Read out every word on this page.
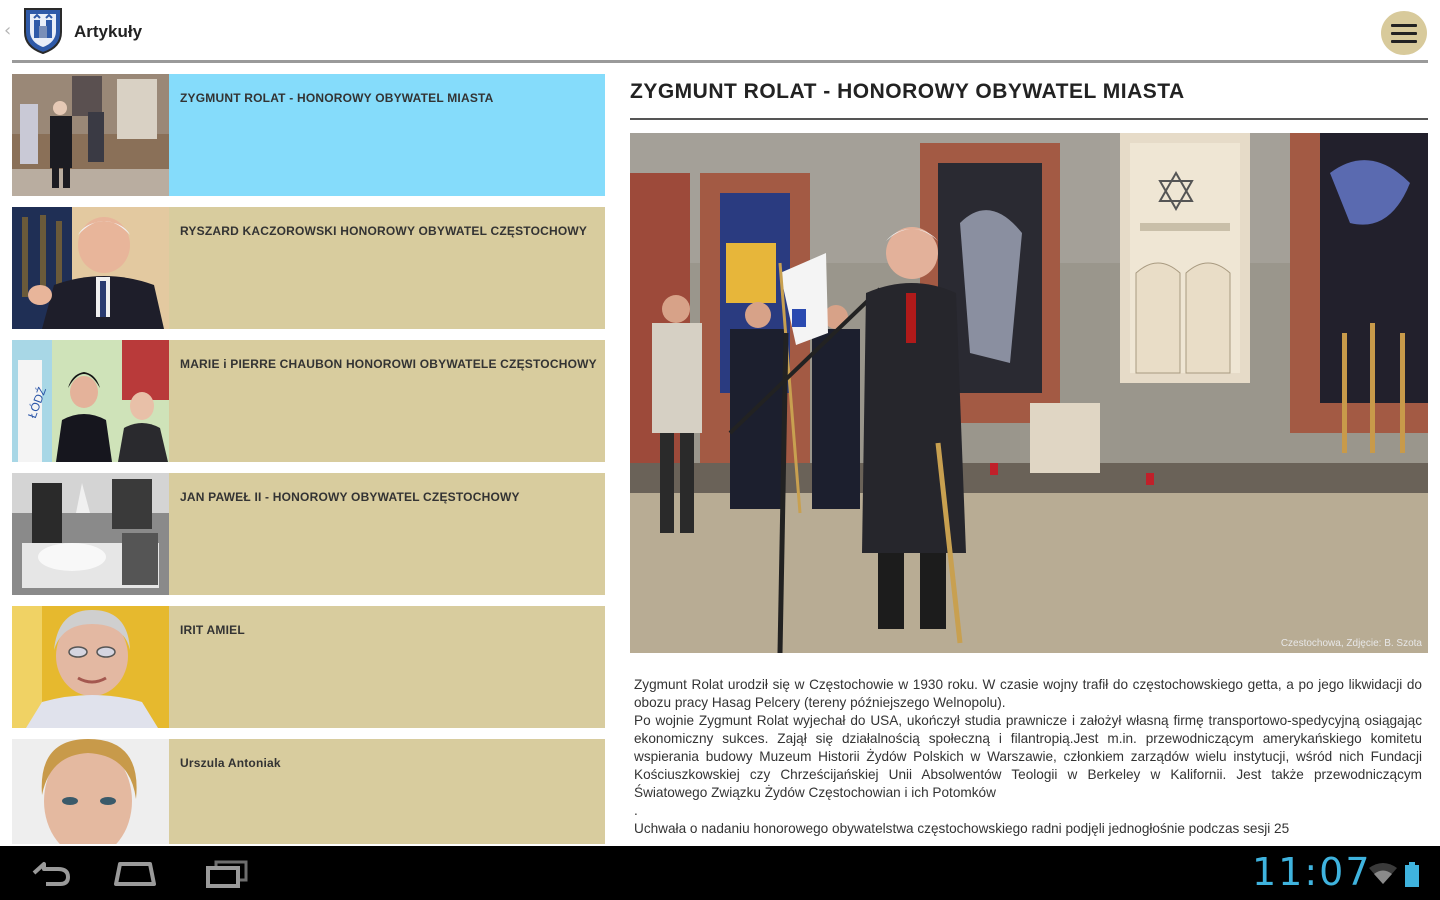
‹	Artykuły
ZYGMUNT ROLAT - HONOROWY OBYWATEL MIASTA
RYSZARD KACZOROWSKI HONOROWY OBYWATEL CZĘSTOCHOWY
ŁÓDŹ
MARIE i PIERRE CHAUBON HONOROWI OBYWATELE CZĘSTOCHOWY
JAN PAWEŁ II - HONOROWY OBYWATEL CZĘSTOCHOWY
IRIT AMIEL
Urszula Antoniak
ZYGMUNT ROLAT - HONOROWY OBYWATEL MIASTA
Czestochowa, Zdjęcie: B. Szota

Zygmunt Rolat urodził się w Częstochowie w 1930 roku. W czasie wojny trafił do częstochowskiego getta, a po jego likwidacji do obozu pracy Hasag Pelcery (tereny późniejszego Welnopolu).

Po wojnie Zygmunt Rolat wyjechał do USA, ukończył studia prawnicze i założył własną firmę transportowo-spedycyjną osiągając ekonomiczny sukces. Zajął się działalnością społeczną i filantropią.Jest m.in. przewodniczącym amerykańskiego komitetu wspierania budowy Muzeum Historii Żydów Polskich w Warszawie, członkiem zarządów wielu instytucji, wśród nich Fundacji Kościuszkowskiej czy Chrześcijańskiej Unii Absolwentów Teologii w Berkeley w Kalifornii. Jest także przewodniczącym Światowego Związku Żydów Częstochowian i ich Potomków

.

Uchwała o nadaniu honorowego obywatelstwa częstochowskiego radni podjęli jednogłośnie podczas sesji 25

11:07
